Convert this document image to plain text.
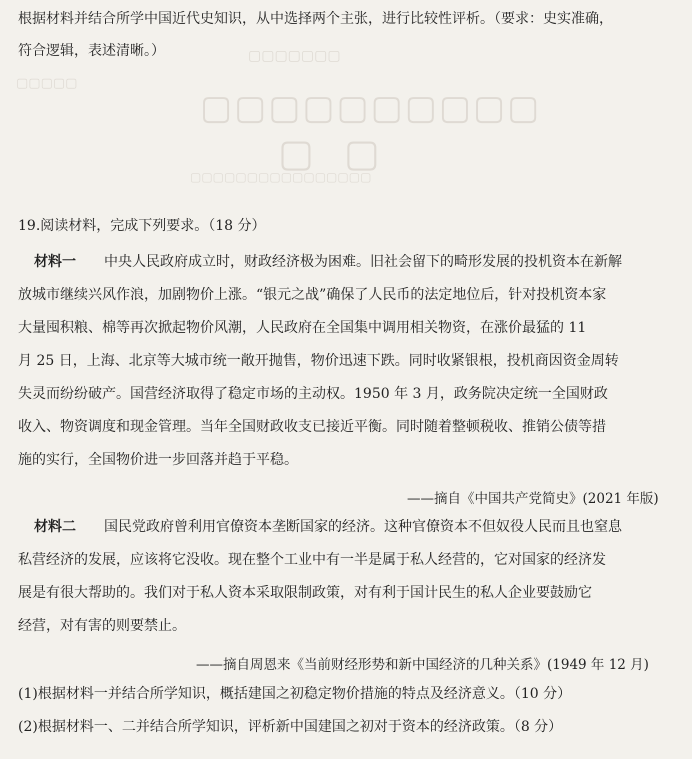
▢▢▢▢▢▢▢
▢▢▢▢▢
▢▢▢▢▢▢▢▢▢▢
▢▢
▢▢▢▢▢▢▢▢▢▢▢▢▢▢▢▢
根据材料并结合所学中国近代史知识，从中选择两个主张，进行比较性评析。（要求：史实准确，
符合逻辑，表述清晰。）
19.阅读材料，完成下列要求。（18 分）
材料一 中央人民政府成立时，财政经济极为困难。旧社会留下的畸形发展的投机资本在新解
放城市继续兴风作浪，加剧物价上涨。“银元之战”确保了人民币的法定地位后，针对投机资本家
大量囤积粮、棉等再次掀起物价风潮，人民政府在全国集中调用相关物资，在涨价最猛的 11
月 25 日，上海、北京等大城市统一敞开抛售，物价迅速下跌。同时收紧银根，投机商因资金周转
失灵而纷纷破产。国营经济取得了稳定市场的主动权。1950 年 3 月，政务院决定统一全国财政
收入、物资调度和现金管理。当年全国财政收支已接近平衡。同时随着整顿税收、推销公债等措
施的实行，全国物价进一步回落并趋于平稳。
——摘自《中国共产党简史》(2021 年版)
材料二 国民党政府曾利用官僚资本垄断国家的经济。这种官僚资本不但奴役人民而且也窒息
私营经济的发展，应该将它没收。现在整个工业中有一半是属于私人经营的，它对国家的经济发
展是有很大帮助的。我们对于私人资本采取限制政策，对有利于国计民生的私人企业要鼓励它
经营，对有害的则要禁止。
——摘自周恩来《当前财经形势和新中国经济的几种关系》(1949 年 12 月)
(1)根据材料一并结合所学知识，概括建国之初稳定物价措施的特点及经济意义。（10 分）
(2)根据材料一、二并结合所学知识，评析新中国建国之初对于资本的经济政策。（8 分）
